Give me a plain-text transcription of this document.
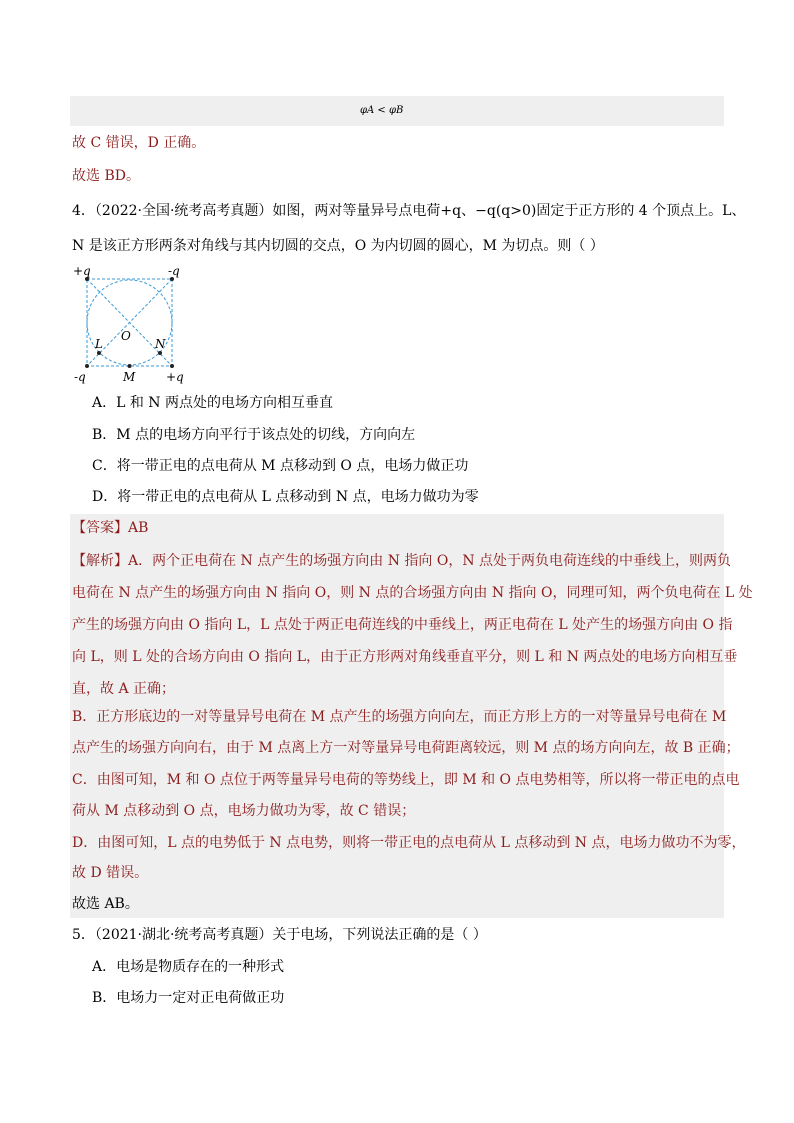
φA < φB
故 C 错误，D 正确。
故选 BD。
4．（2022·全国·统考高考真题）如图，两对等量异号点电荷+q、−q(q>0)固定于正方形的 4 个顶点上。L、
N 是该正方形两条对角线与其内切圆的交点，O 为内切圆的圆心，M 为切点。则（ ）
+q	-q
-q	+q
L
O
N
M
A．L 和 N 两点处的电场方向相互垂直
B．M 点的电场方向平行于该点处的切线，方向向左
C．将一带正电的点电荷从 M 点移动到 O 点，电场力做正功
D．将一带正电的点电荷从 L 点移动到 N 点，电场力做功为零
【答案】AB
【解析】A．两个正电荷在 N 点产生的场强方向由 N 指向 O，N 点处于两负电荷连线的中垂线上，则两负
电荷在 N 点产生的场强方向由 N 指向 O，则 N 点的合场强方向由 N 指向 O，同理可知，两个负电荷在 L 处
产生的场强方向由 O 指向 L，L 点处于两正电荷连线的中垂线上，两正电荷在 L 处产生的场强方向由 O 指
向 L，则 L 处的合场方向由 O 指向 L，由于正方形两对角线垂直平分，则 L 和 N 两点处的电场方向相互垂
直，故 A 正确；
B．正方形底边的一对等量异号电荷在 M 点产生的场强方向向左，而正方形上方的一对等量异号电荷在 M
点产生的场强方向向右，由于 M 点离上方一对等量异号电荷距离较远，则 M 点的场方向向左，故 B 正确；
C．由图可知，M 和 O 点位于两等量异号电荷的等势线上，即 M 和 O 点电势相等，所以将一带正电的点电
荷从 M 点移动到 O 点，电场力做功为零，故 C 错误；
D．由图可知，L 点的电势低于 N 点电势，则将一带正电的点电荷从 L 点移动到 N 点，电场力做功不为零，
故 D 错误。
故选 AB。
5．（2021·湖北·统考高考真题）关于电场，下列说法正确的是（ ）
A．电场是物质存在的一种形式
B．电场力一定对正电荷做正功
